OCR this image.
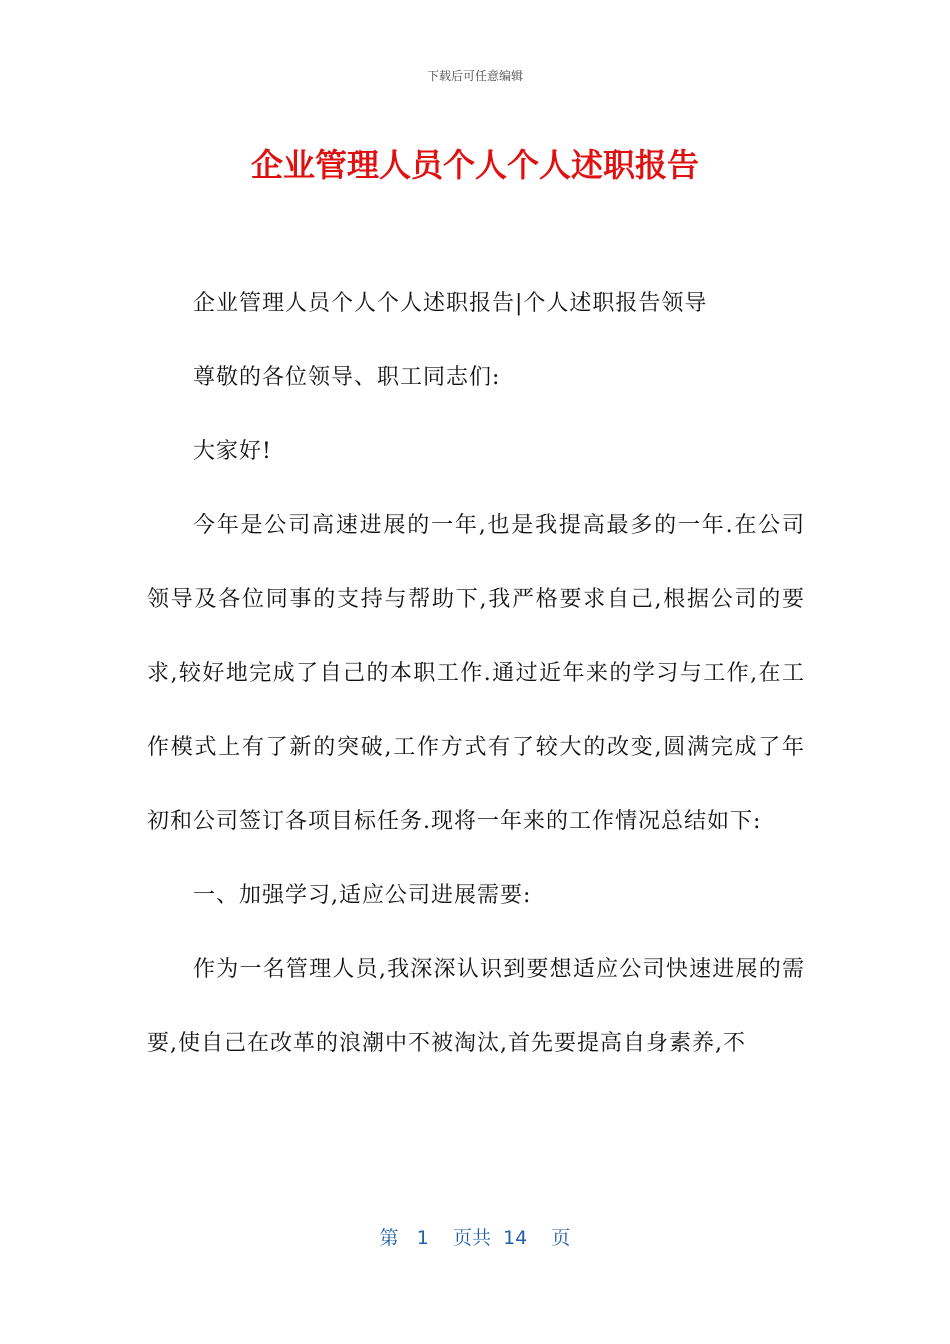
下载后可任意编辑
企业管理人员个人个人述职报告

企业管理人员个人个人述职报告|个人述职报告领导

尊敬的各位领导、职工同志们:

大家好!

今年是公司高速进展的一年,也是我提高最多的一年.在公司领导及各位同事的支持与帮助下,我严格要求自己,根据公司的要求,较好地完成了自己的本职工作.通过近年来的学习与工作,在工作模式上有了新的突破,工作方式有了较大的改变,圆满完成了年初和公司签订各项目标任务.现将一年来的工作情况总结如下:

一、加强学习,适应公司进展需要:

作为一名管理人员,我深深认识到要想适应公司快速进展的需要,使自己在改革的浪潮中不被淘汰,首先要提高自身素养,不

第 1 页共 14 页
